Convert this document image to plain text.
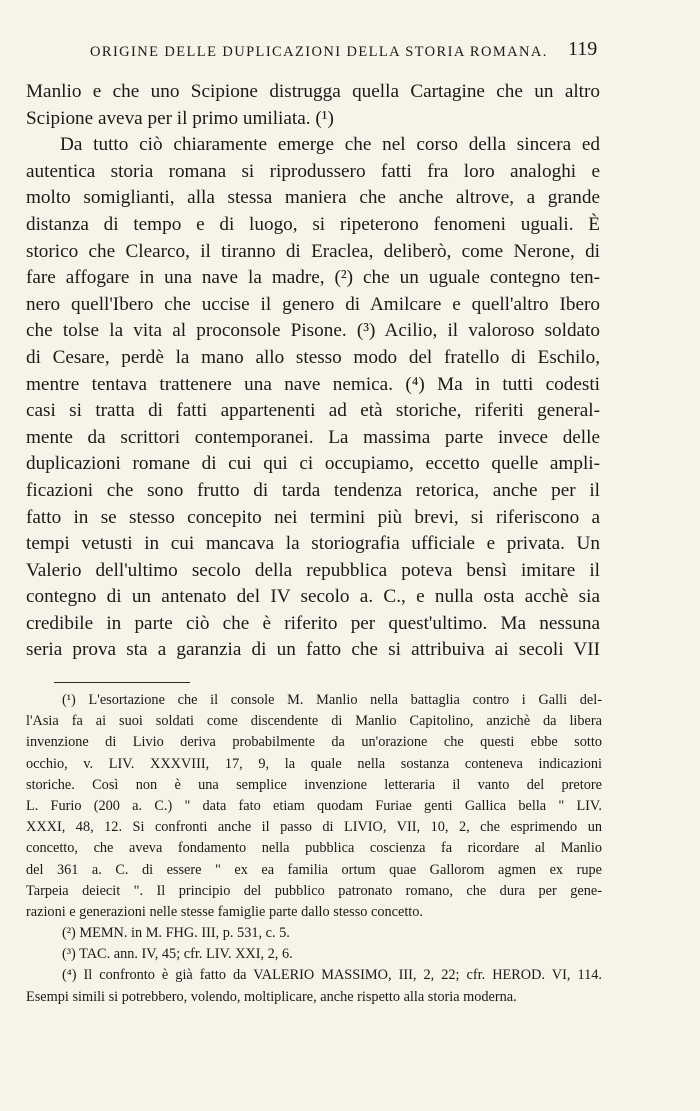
ORIGINE DELLE DUPLICAZIONI DELLA STORIA ROMANA. 119
Manlio e che uno Scipione distrugga quella Cartagine che un altro
Scipione aveva per il primo umiliata. (¹)
Da tutto ciò chiaramente emerge che nel corso della sincera ed
autentica storia romana si riprodussero fatti fra loro analoghi e
molto somiglianti, alla stessa maniera che anche altrove, a grande
distanza di tempo e di luogo, si ripeterono fenomeni uguali. È
storico che Clearco, il tiranno di Eraclea, deliberò, come Nerone, di
fare affogare in una nave la madre, (²) che un uguale contegno ten-
nero quell'Ibero che uccise il genero di Amilcare e quell'altro Ibero
che tolse la vita al proconsole Pisone. (³) Acilio, il valoroso soldato
di Cesare, perdè la mano allo stesso modo del fratello di Eschilo,
mentre tentava trattenere una nave nemica. (⁴) Ma in tutti codesti
casi si tratta di fatti appartenenti ad età storiche, riferiti general-
mente da scrittori contemporanei. La massima parte invece delle
duplicazioni romane di cui qui ci occupiamo, eccetto quelle ampli-
ficazioni che sono frutto di tarda tendenza retorica, anche per il
fatto in se stesso concepito nei termini più brevi, si riferiscono a
tempi vetusti in cui mancava la storiografia ufficiale e privata. Un
Valerio dell'ultimo secolo della repubblica poteva bensì imitare il
contegno di un antenato del IV secolo a. C., e nulla osta acchè sia
credibile in parte ciò che è riferito per quest'ultimo. Ma nessuna
seria prova sta a garanzia di un fatto che si attribuiva ai secoli VII
(¹) L'esortazione che il console M. Manlio nella battaglia contro i Galli del-
l'Asia fa ai suoi soldati come discendente di Manlio Capitolino, anzichè da libera
invenzione di Livio deriva probabilmente da un'orazione che questi ebbe sotto
occhio, v. LIV. XXXVIII, 17, 9, la quale nella sostanza conteneva indicazioni
storiche. Così non è una semplice invenzione letteraria il vanto del pretore
L. Furio (200 a. C.) " data fato etiam quodam Furiae genti Gallica bella " LIV.
XXXI, 48, 12. Si confronti anche il passo di LIVIO, VII, 10, 2, che esprimendo un
concetto, che aveva fondamento nella pubblica coscienza fa ricordare al Manlio
del 361 a. C. di essere " ex ea familia ortum quae Gallorom agmen ex rupe
Tarpeia deiecit ". Il principio del pubblico patronato romano, che dura per gene-
razioni e generazioni nelle stesse famiglie parte dallo stesso concetto.
(²) MEMN. in M. FHG. III, p. 531, c. 5.
(³) TAC. ann. IV, 45; cfr. LIV. XXI, 2, 6.
(⁴) Il confronto è già fatto da VALERIO MASSIMO, III, 2, 22; cfr. HEROD. VI, 114.
Esempi simili si potrebbero, volendo, moltiplicare, anche rispetto alla storia moderna.
